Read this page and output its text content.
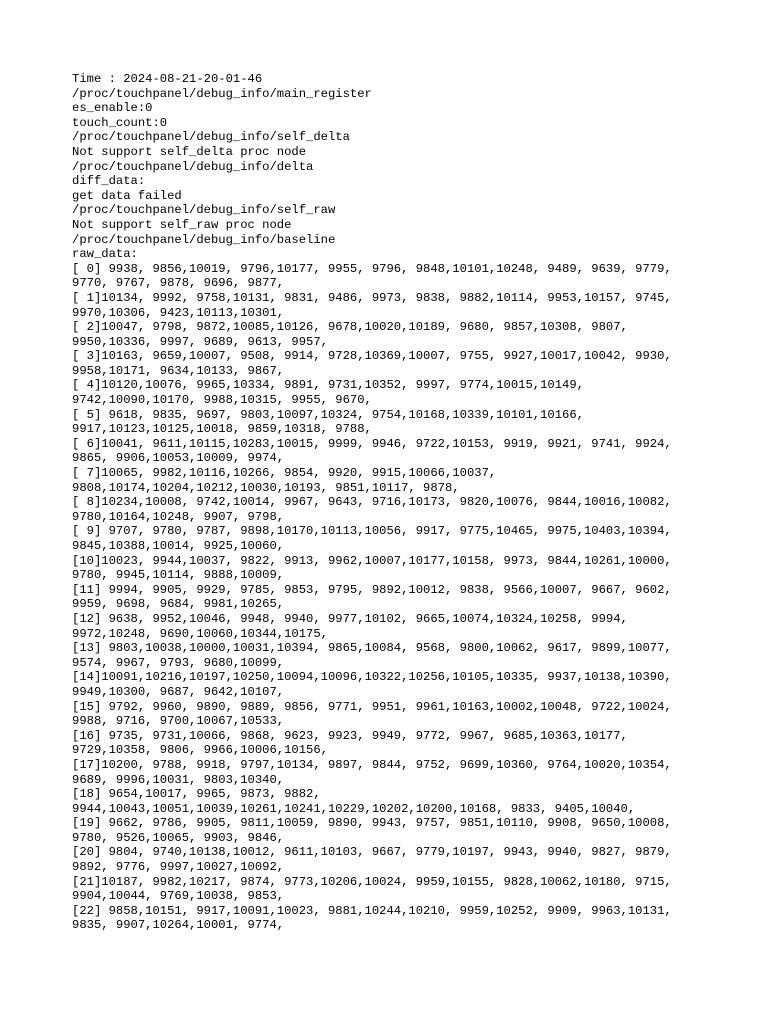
Time : 2024-08-21-20-01-46
/proc/touchpanel/debug_info/main_register
es_enable:0
touch_count:0
/proc/touchpanel/debug_info/self_delta
Not support self_delta proc node
/proc/touchpanel/debug_info/delta
diff_data:
get data failed
/proc/touchpanel/debug_info/self_raw
Not support self_raw proc node
/proc/touchpanel/debug_info/baseline
raw_data:
[ 0] 9938, 9856,10019, 9796,10177, 9955, 9796, 9848,10101,10248, 9489, 9639, 9779,
9770, 9767, 9878, 9696, 9877,
[ 1]10134, 9992, 9758,10131, 9831, 9486, 9973, 9838, 9882,10114, 9953,10157, 9745,
9970,10306, 9423,10113,10301,
[ 2]10047, 9798, 9872,10085,10126, 9678,10020,10189, 9680, 9857,10308, 9807,
9950,10336, 9997, 9689, 9613, 9957,
[ 3]10163, 9659,10007, 9508, 9914, 9728,10369,10007, 9755, 9927,10017,10042, 9930,
9958,10171, 9634,10133, 9867,
[ 4]10120,10076, 9965,10334, 9891, 9731,10352, 9997, 9774,10015,10149,
9742,10090,10170, 9988,10315, 9955, 9670,
[ 5] 9618, 9835, 9697, 9803,10097,10324, 9754,10168,10339,10101,10166,
9917,10123,10125,10018, 9859,10318, 9788,
[ 6]10041, 9611,10115,10283,10015, 9999, 9946, 9722,10153, 9919, 9921, 9741, 9924,
9865, 9906,10053,10009, 9974,
[ 7]10065, 9982,10116,10266, 9854, 9920, 9915,10066,10037,
9808,10174,10204,10212,10030,10193, 9851,10117, 9878,
[ 8]10234,10008, 9742,10014, 9967, 9643, 9716,10173, 9820,10076, 9844,10016,10082,
9780,10164,10248, 9907, 9798,
[ 9] 9707, 9780, 9787, 9898,10170,10113,10056, 9917, 9775,10465, 9975,10403,10394,
9845,10388,10014, 9925,10060,
[10]10023, 9944,10037, 9822, 9913, 9962,10007,10177,10158, 9973, 9844,10261,10000,
9780, 9945,10114, 9888,10009,
[11] 9994, 9905, 9929, 9785, 9853, 9795, 9892,10012, 9838, 9566,10007, 9667, 9602,
9959, 9698, 9684, 9981,10265,
[12] 9638, 9952,10046, 9948, 9940, 9977,10102, 9665,10074,10324,10258, 9994,
9972,10248, 9690,10060,10344,10175,
[13] 9803,10038,10000,10031,10394, 9865,10084, 9568, 9800,10062, 9617, 9899,10077,
9574, 9967, 9793, 9680,10099,
[14]10091,10216,10197,10250,10094,10096,10322,10256,10105,10335, 9937,10138,10390,
9949,10300, 9687, 9642,10107,
[15] 9792, 9960, 9890, 9889, 9856, 9771, 9951, 9961,10163,10002,10048, 9722,10024,
9988, 9716, 9700,10067,10533,
[16] 9735, 9731,10066, 9868, 9623, 9923, 9949, 9772, 9967, 9685,10363,10177,
9729,10358, 9806, 9966,10006,10156,
[17]10200, 9788, 9918, 9797,10134, 9897, 9844, 9752, 9699,10360, 9764,10020,10354,
9689, 9996,10031, 9803,10340,
[18] 9654,10017, 9965, 9873, 9882,
9944,10043,10051,10039,10261,10241,10229,10202,10200,10168, 9833, 9405,10040,
[19] 9662, 9786, 9905, 9811,10059, 9890, 9943, 9757, 9851,10110, 9908, 9650,10008,
9780, 9526,10065, 9903, 9846,
[20] 9804, 9740,10138,10012, 9611,10103, 9667, 9779,10197, 9943, 9940, 9827, 9879,
9892, 9776, 9997,10027,10092,
[21]10187, 9982,10217, 9874, 9773,10206,10024, 9959,10155, 9828,10062,10180, 9715,
9904,10044, 9769,10038, 9853,
[22] 9858,10151, 9917,10091,10023, 9881,10244,10210, 9959,10252, 9909, 9963,10131,
9835, 9907,10264,10001, 9774,
